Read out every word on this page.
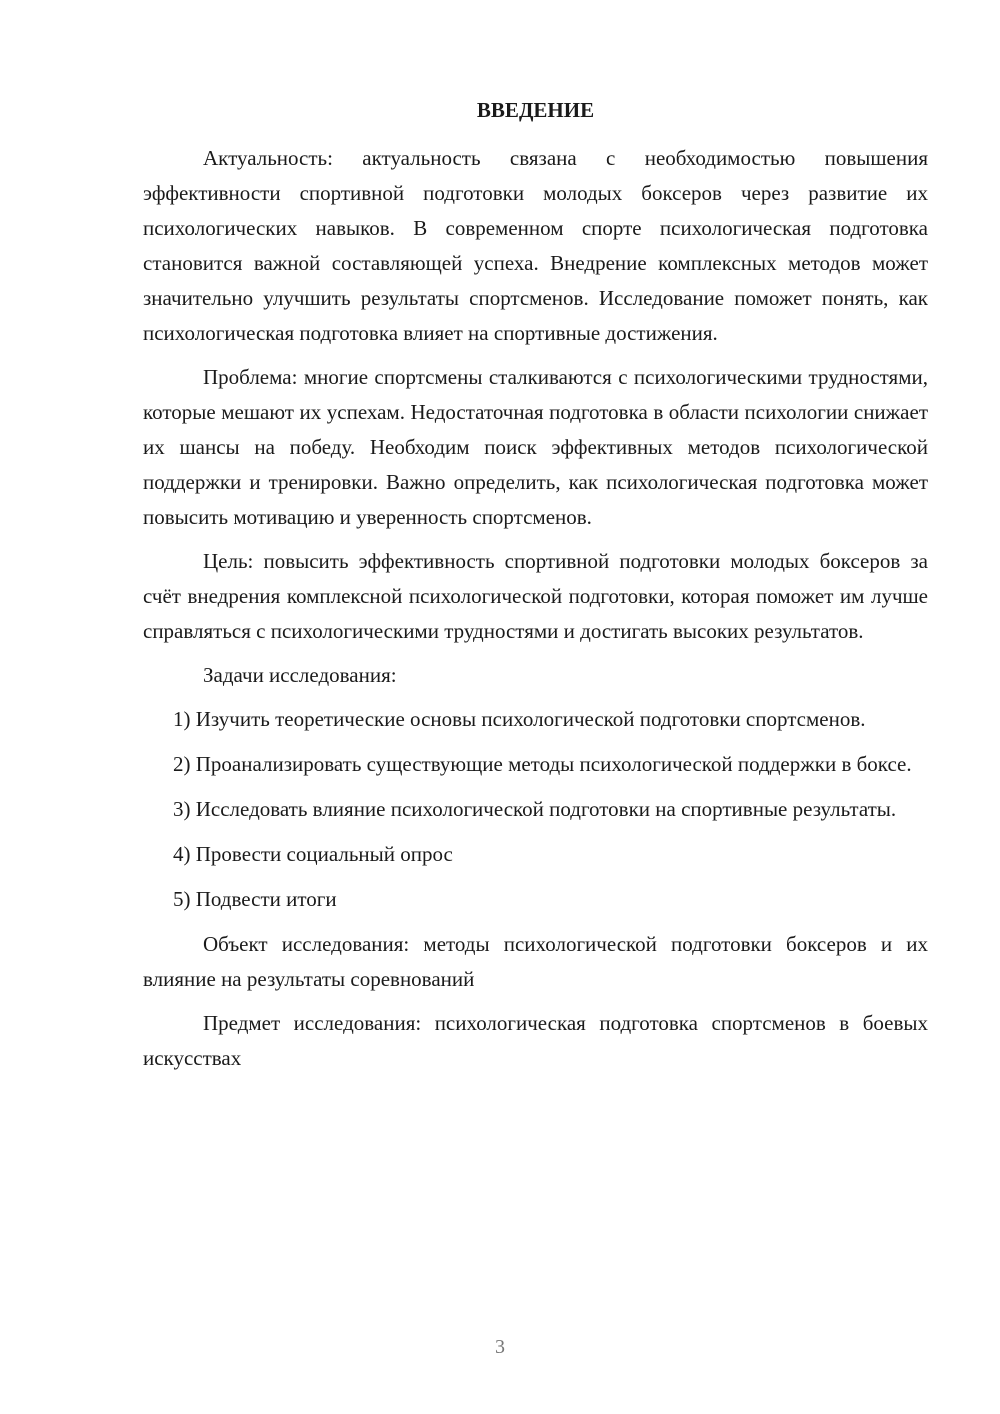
ВВЕДЕНИЕ

Актуальность: актуальность связана с необходимостью повышения эффективности спортивной подготовки молодых боксеров через развитие их психологических навыков. В современном спорте психологическая подготовка становится важной составляющей успеха. Внедрение комплексных методов может значительно улучшить результаты спортсменов. Исследование поможет понять, как психологическая подготовка влияет на спортивные достижения.

Проблема: многие спортсмены сталкиваются с психологическими трудностями, которые мешают их успехам. Недостаточная подготовка в области психологии снижает их шансы на победу. Необходим поиск эффективных методов психологической поддержки и тренировки. Важно определить, как психологическая подготовка может повысить мотивацию и уверенность спортсменов.

Цель: повысить эффективность спортивной подготовки молодых боксеров за счёт внедрения комплексной психологической подготовки, которая поможет им лучше справляться с психологическими трудностями и достигать высоких результатов.

Задачи исследования:

1) Изучить теоретические основы психологической подготовки спортсменов.

2) Проанализировать существующие методы психологической поддержки в боксе.

3) Исследовать влияние психологической подготовки на спортивные результаты.

4) Провести социальный опрос

5) Подвести итоги

Объект исследования: методы психологической подготовки боксеров и их влияние на результаты соревнований

Предмет исследования: психологическая подготовка спортсменов в боевых искусствах

3
